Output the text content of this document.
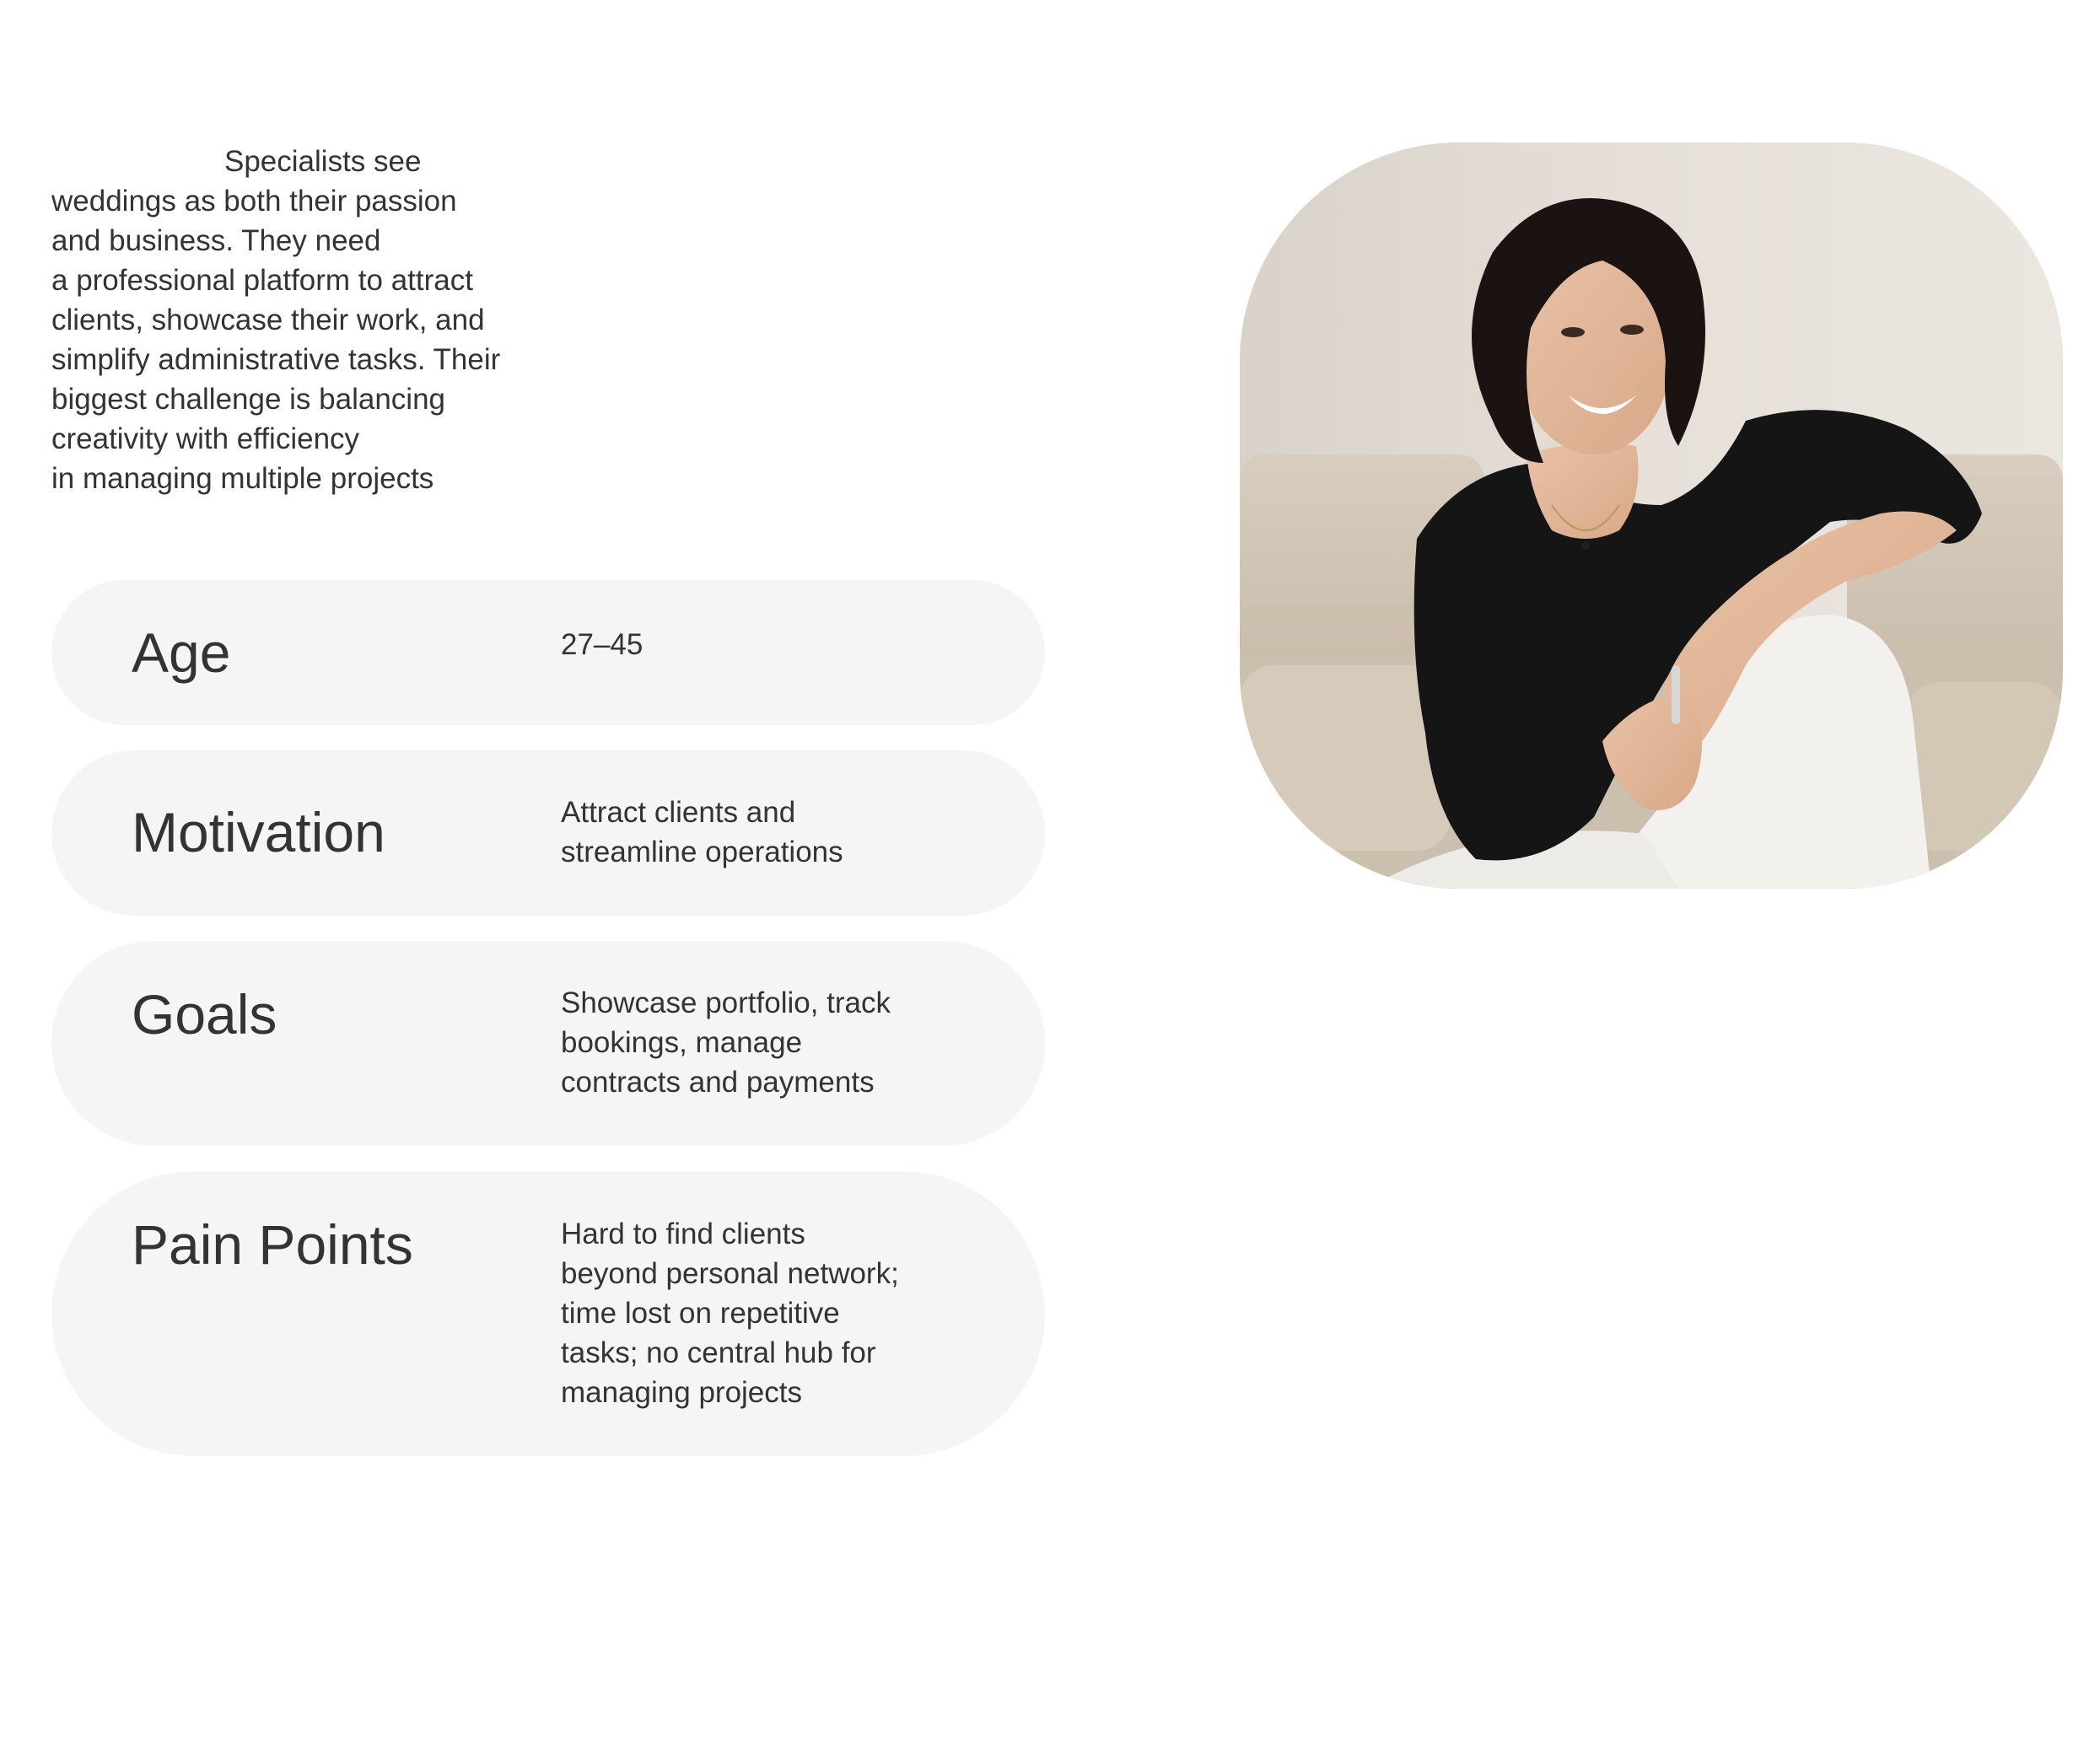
Specialists see
weddings as both their passion
and business. They need
a professional platform to attract
clients, showcase their work, and
simplify administrative tasks. Their
biggest challenge is balancing
creativity with efficiency
in managing multiple projects

Age	27–45
Motivation	Attract clients and
streamline operations
Goals	Showcase portfolio, track
bookings, manage
contracts and payments
Pain Points	Hard to find clients
beyond personal network;
time lost on repetitive
tasks; no central hub for
managing projects
